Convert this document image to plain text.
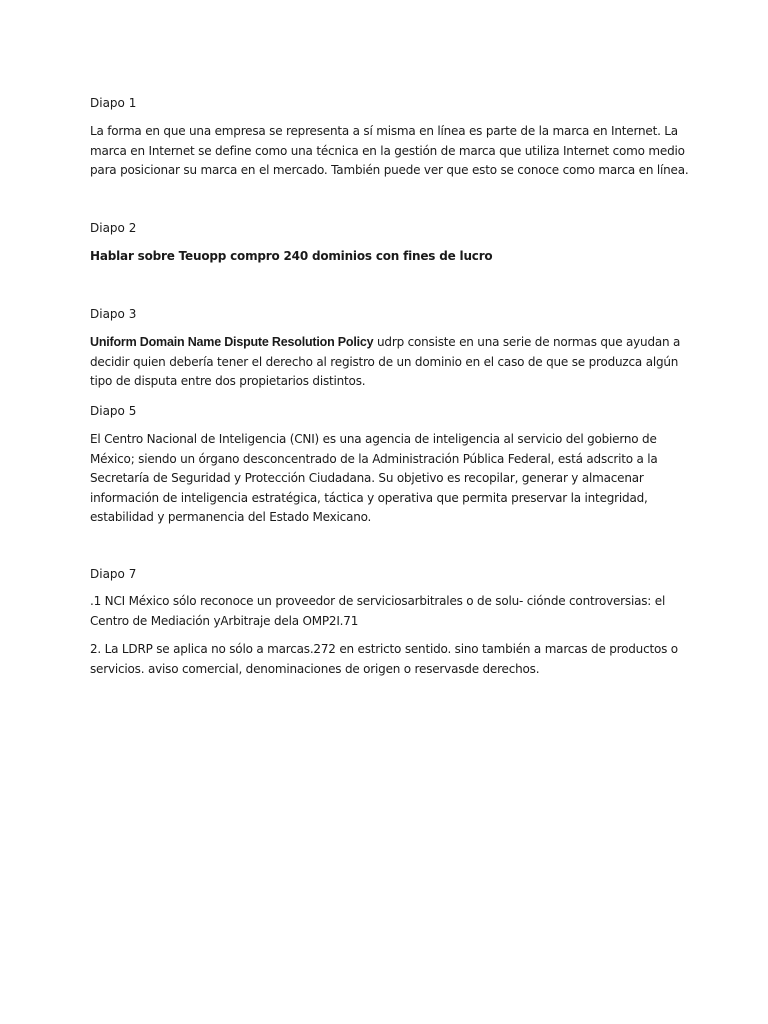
Diapo 1

La forma en que una empresa se representa a sí misma en línea es parte de la marca en Internet. La marca en Internet se define como una técnica en la gestión de marca que utiliza Internet como medio para posicionar su marca en el mercado. También puede ver que esto se conoce como marca en línea.

Diapo 2

Hablar sobre Teuopp compro 240 dominios con fines de lucro

Diapo 3

Uniform Domain Name Dispute Resolution Policy udrp consiste en una serie de normas que ayudan a decidir quien debería tener el derecho al registro de un dominio en el caso de que se produzca algún tipo de disputa entre dos propietarios distintos.

Diapo 5

El Centro Nacional de Inteligencia (CNI) es una agencia de inteligencia al servicio del gobierno de México; siendo un órgano desconcentrado de la Administración Pública Federal, está adscrito a la Secretaría de Seguridad y Protección Ciudadana. Su objetivo es recopilar, generar y almacenar información de inteligencia estratégica, táctica y operativa que permita preservar la integridad, estabilidad y permanencia del Estado Mexicano.

Diapo 7

.1 NCI México sólo reconoce un proveedor de serviciosarbitrales o de solu- ciónde controversias: el Centro de Mediación yArbitraje dela OMP2I.71

2. La LDRP se aplica no sólo a marcas.272 en estricto sentido. sino también a marcas de productos o servicios. aviso comercial, denominaciones de origen o reservasde derechos.
